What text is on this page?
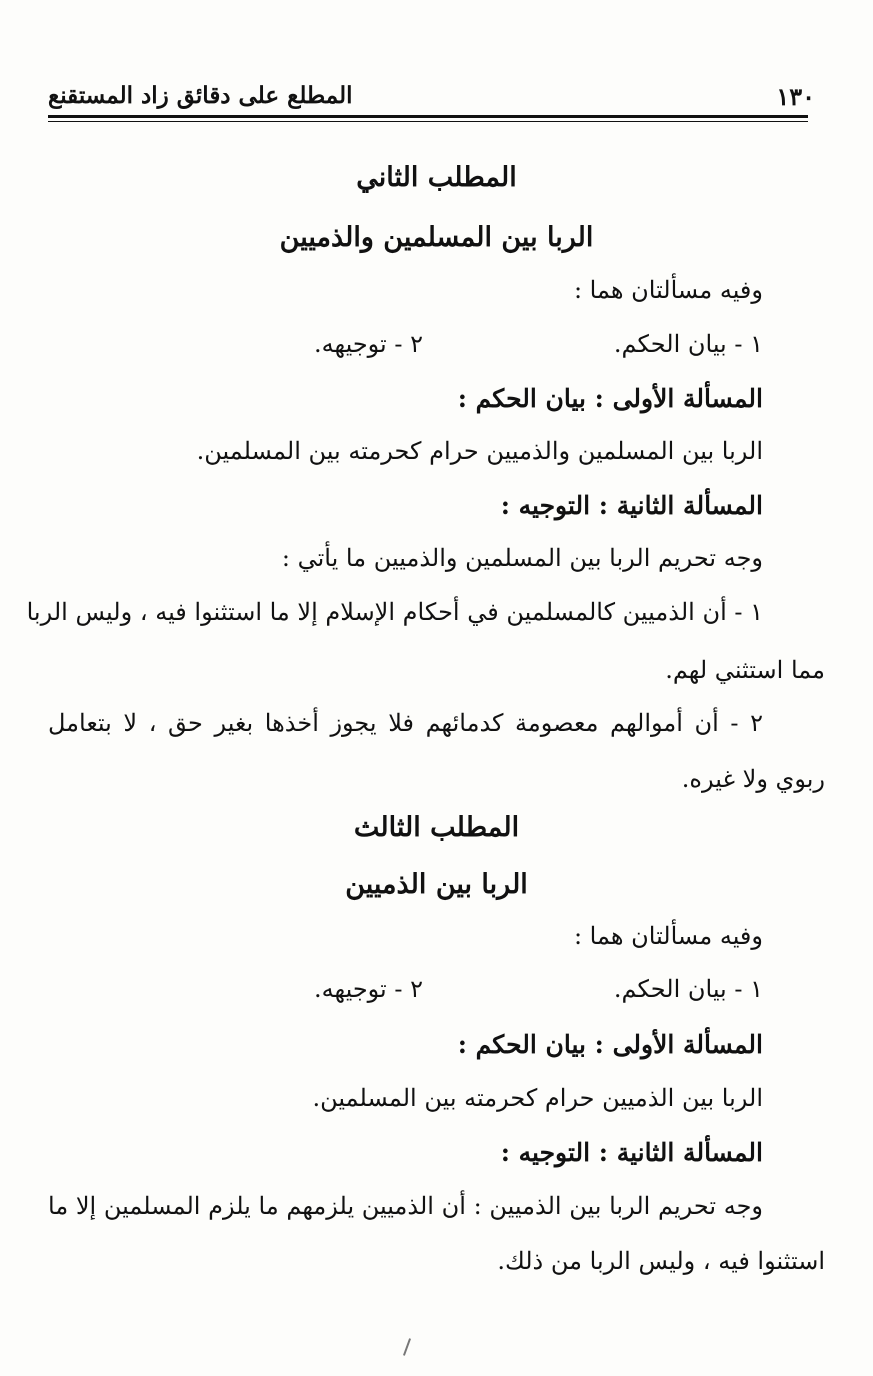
١٣٠
المطلع على دقائق زاد المستقنع
المطلب الثاني
الربا بين المسلمين والذميين
وفيه مسألتان هما :
١ - بيان الحكم.
٢ - توجيهه.
المسألة الأولى : بيان الحكم :
الربا بين المسلمين والذميين حرام كحرمته بين المسلمين.
المسألة الثانية : التوجيه :
وجه تحريم الربا بين المسلمين والذميين ما يأتي :
١ - أن الذميين كالمسلمين في أحكام الإسلام إلا ما استثنوا فيه ، وليس الربا
مما استثني لهم.
٢ - أن أموالهم معصومة كدمائهم فلا يجوز أخذها بغير حق ، لا بتعامل
ربوي ولا غيره.
المطلب الثالث
الربا بين الذميين
وفيه مسألتان هما :
١ - بيان الحكم.
٢ - توجيهه.
المسألة الأولى : بيان الحكم :
الربا بين الذميين حرام كحرمته بين المسلمين.
المسألة الثانية : التوجيه :
وجه تحريم الربا بين الذميين : أن الذميين يلزمهم ما يلزم المسلمين إلا ما
استثنوا فيه ، وليس الربا من ذلك.
